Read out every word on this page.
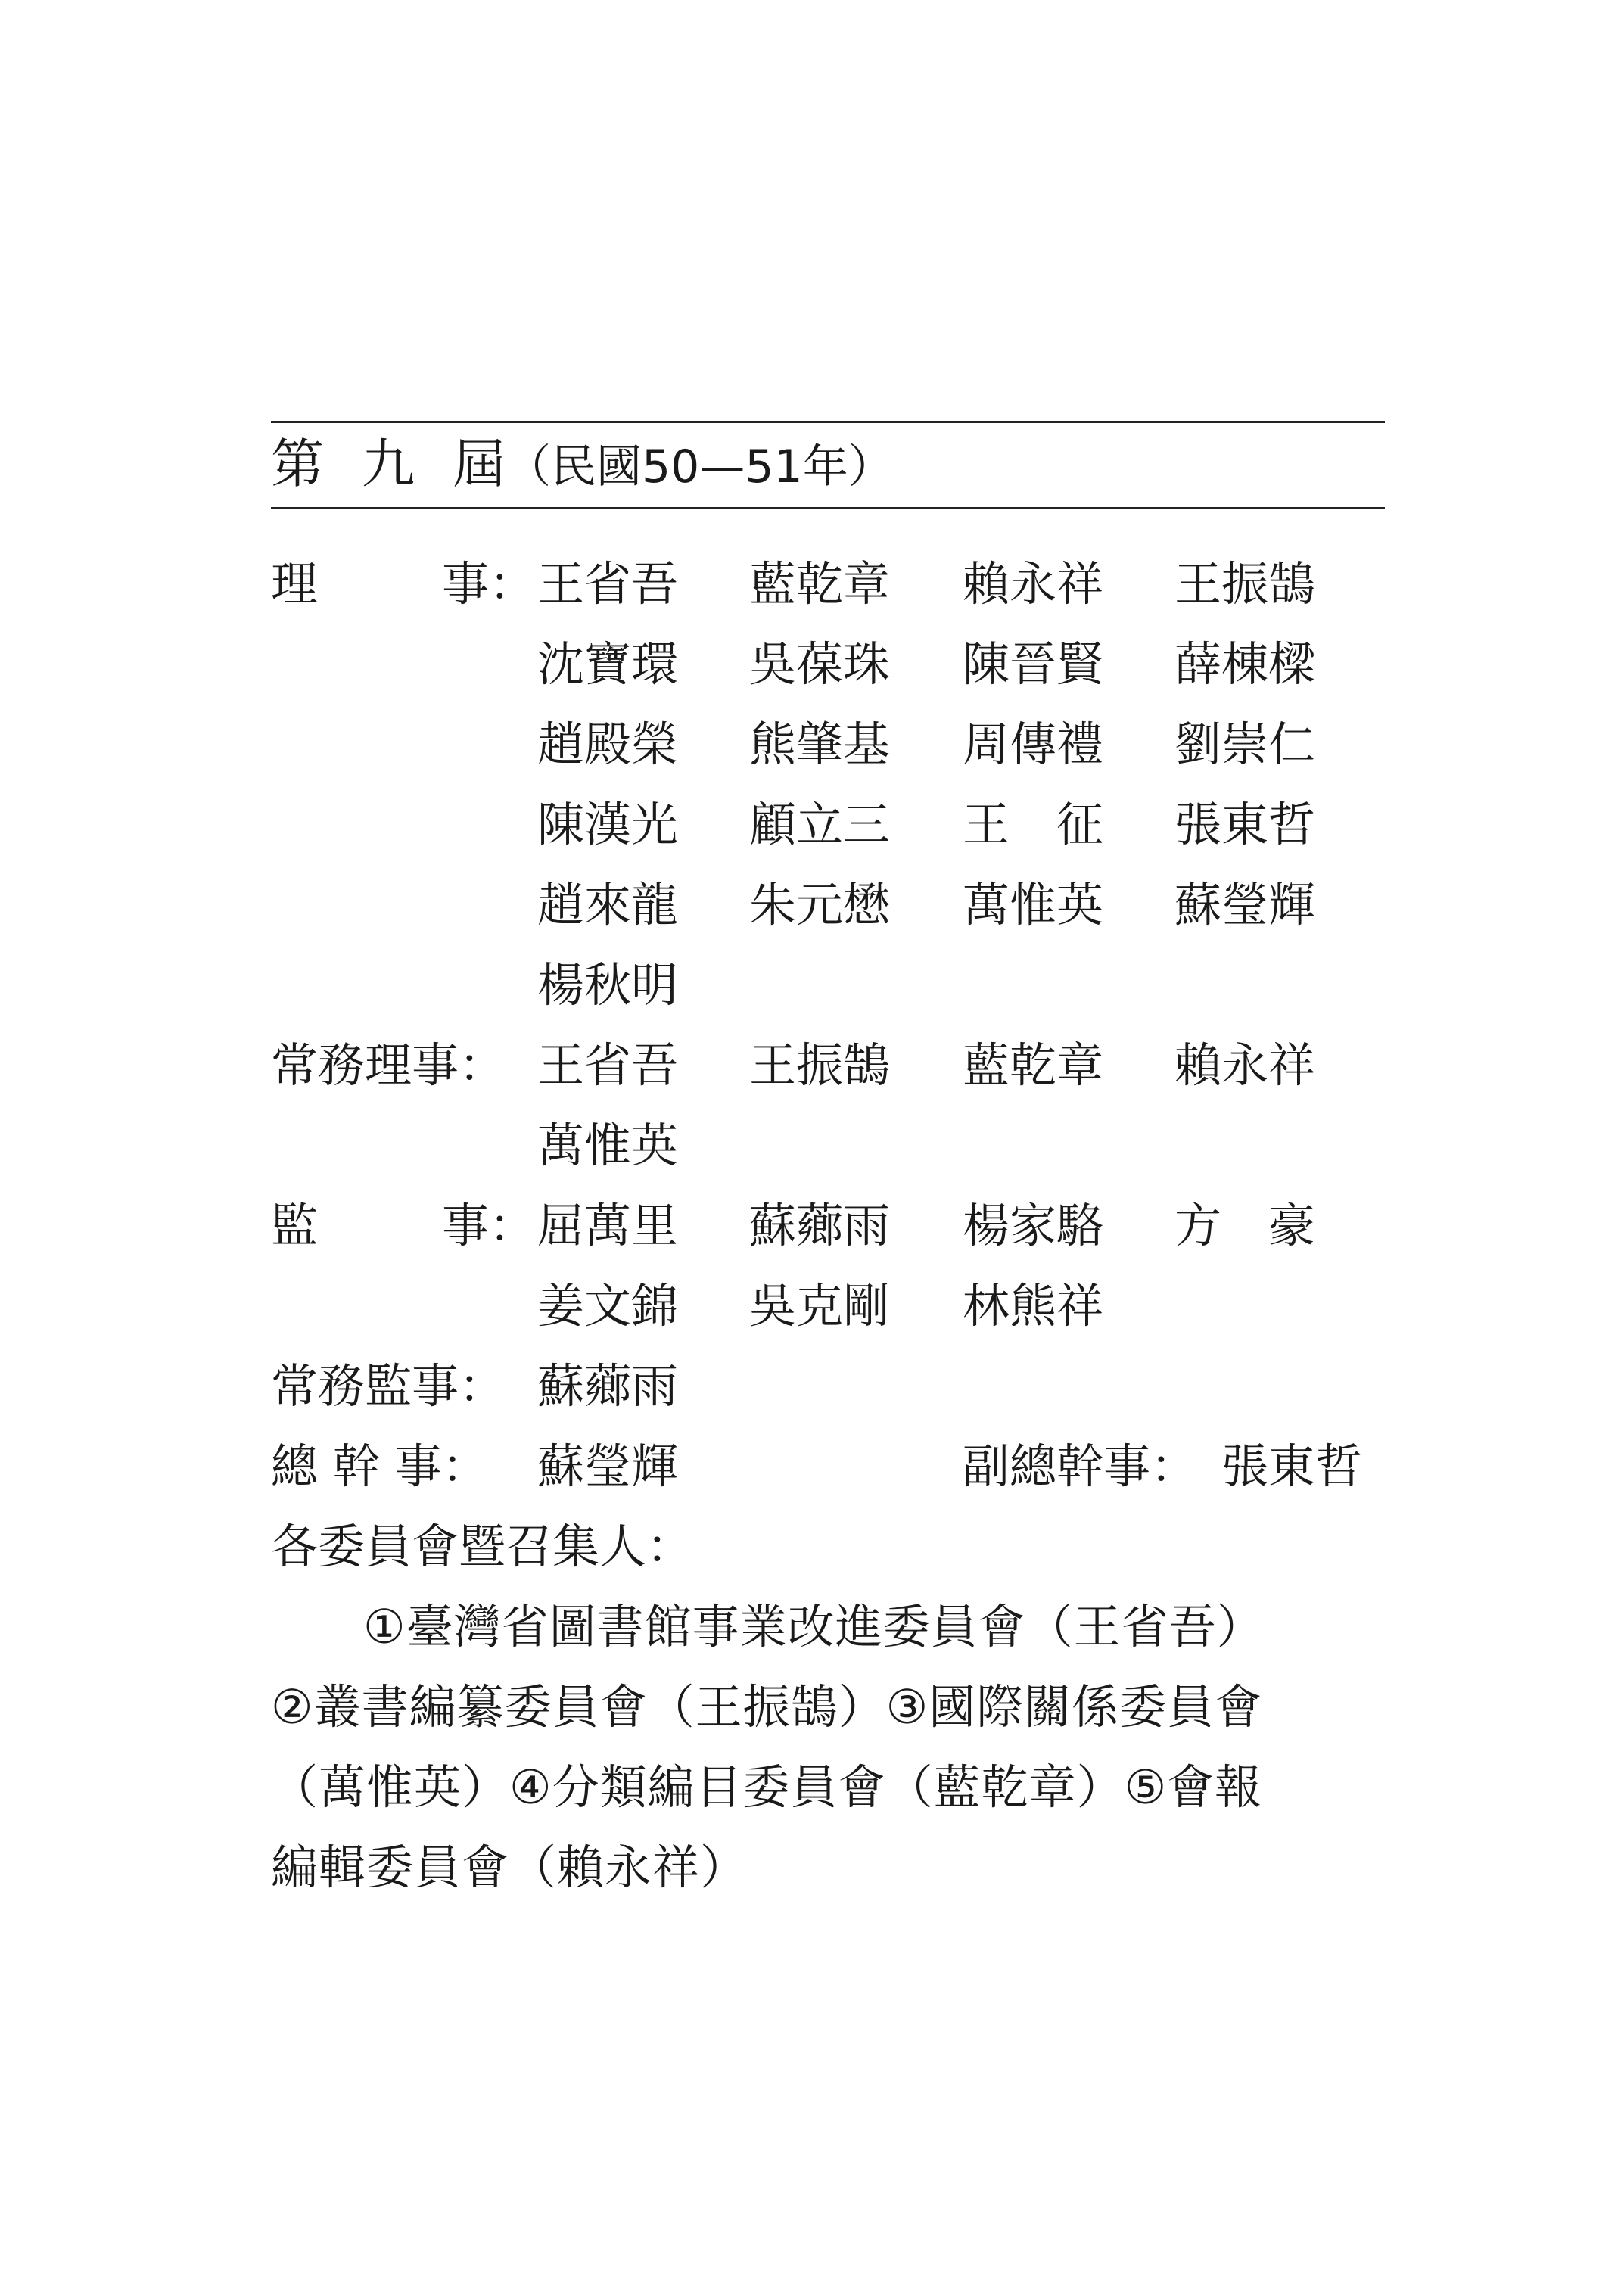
第 九 屆（民國50—51年）
理	事： 王省吾 藍乾章 賴永祥 王振鵠
沈寶環 吳葆珠 陳晉賢 薛棟樑
趙殿榮 熊肇基 周傳禮 劉崇仁
陳漢光 顧立三 王　征 張東哲
趙來龍 朱元懋 萬惟英 蘇瑩輝
楊秋明
常務理事： 王省吾 王振鵠 藍乾章 賴永祥
萬惟英
監	事： 屈萬里 蘇薌雨 楊家駱 方　豪
姜文錦 吳克剛 林熊祥
常務監事： 蘇薌雨
總 幹 事： 蘇瑩輝	副總幹事： 張東哲
各委員會暨召集人：
①臺灣省圖書館事業改進委員會（王省吾）
②叢書編纂委員會（王振鵠）③國際關係委員會
（萬惟英）④分類編目委員會（藍乾章）⑤會報
編輯委員會（賴永祥）
